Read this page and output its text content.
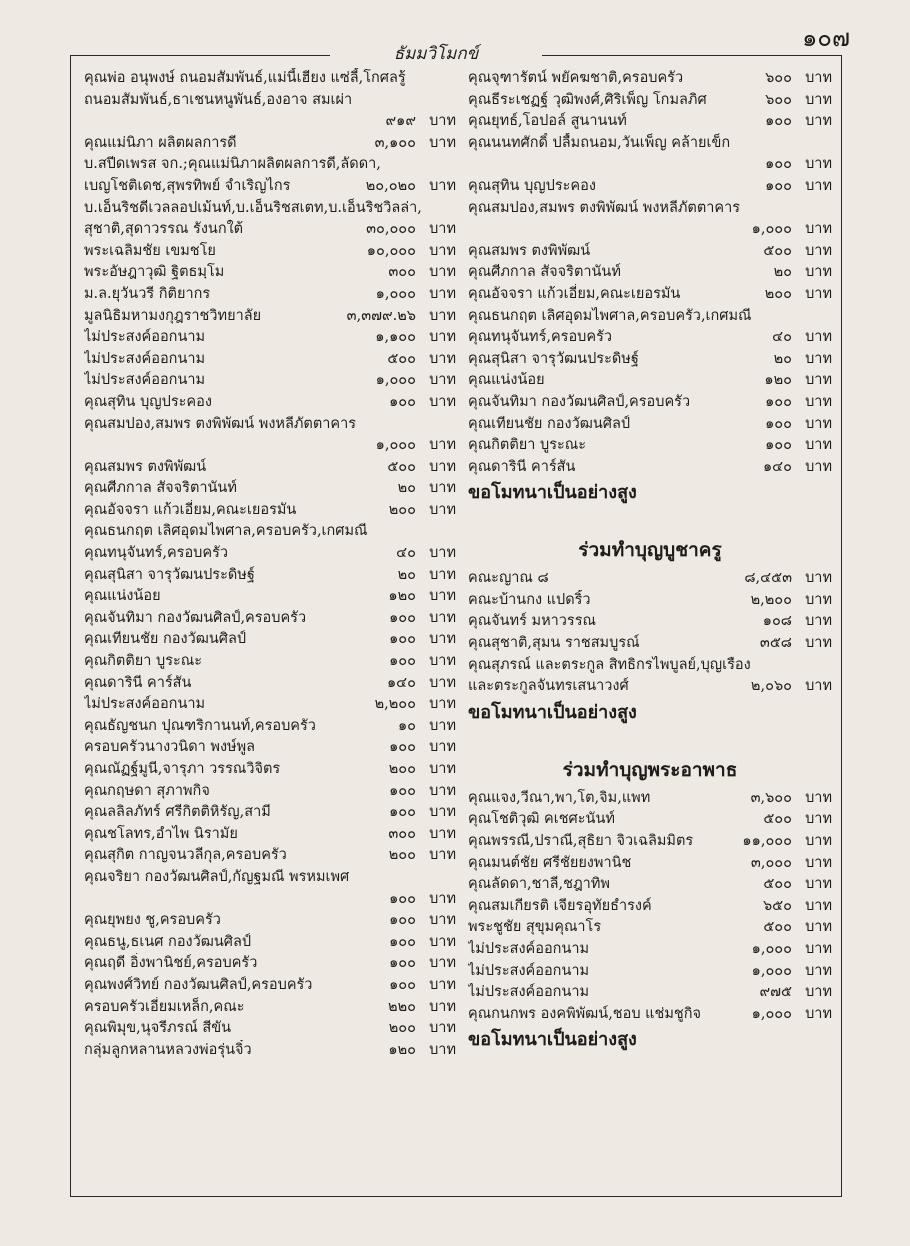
๑๐๗
ธัมมวิโมกข์
คุณพ่อ อนุพงษ์ ถนอมสัมพันธ์,แม่นี้เฮียง แซ่ลี้,โกศลรู้
ถนอมสัมพันธ์,ธาเชนหนูพันธ์,องอาจ สมเผ่า
๙๑๙ บาท
คุณแม่นิภา ผลิตผลการดี	๓,๑๐๐ บาท
บ.สปีดเพรส จก.;คุณแม่นิภาผลิตผลการดี,ลัดดา,
เบญโชติเดช,สุพรทิพย์ จำเริญไกร	๒๐,๐๒๐ บาท
บ.เอ็นริชดีเวลลอปเม้นท์,บ.เอ็นริชสเตท,บ.เอ็นริชวิลล่า,
สุชาติ,สุดาวรรณ รังนกใต้	๓๐,๐๐๐ บาท
พระเฉลิมชัย เขมชโย	๑๐,๐๐๐ บาท
พระอัษฎาวุฒิ ฐิตธมฺโม	๓๐๐ บาท
ม.ล.ยุวันวรี กิติยากร	๑,๐๐๐ บาท
มูลนิธิมหามงกุฎราชวิทยาลัย	๓,๓๗๙.๒๖ บาท
ไม่ประสงค์ออกนาม	๑,๑๐๐ บาท
ไม่ประสงค์ออกนาม	๕๐๐ บาท
ไม่ประสงค์ออกนาม	๑,๐๐๐ บาท
คุณสุทิน บุญประคอง	๑๐๐ บาท
คุณสมปอง,สมพร ตงพิพัฒน์ พงหลีภัตตาคาร
๑,๐๐๐ บาท
คุณสมพร ตงพิพัฒน์	๕๐๐ บาท
คุณศีภกาล สัจจริตานันท์	๒๐ บาท
คุณอัจจรา แก้วเอี่ยม,คณะเยอรมัน	๒๐๐ บาท
คุณธนกฤต เลิศอุดมไพศาล,ครอบครัว,เกศมณี
คุณทนุจันทร์,ครอบครัว	๔๐ บาท
คุณสุนิสา จารุวัฒนประดิษฐ์	๒๐ บาท
คุณแน่งน้อย	๑๒๐ บาท
คุณจันทิมา กองวัฒนศิลป์,ครอบครัว	๑๐๐ บาท
คุณเทียนชัย กองวัฒนศิลป์	๑๐๐ บาท
คุณกิตติยา บูระณะ	๑๐๐ บาท
คุณดารินี คาร์สัน	๑๔๐ บาท
ไม่ประสงค์ออกนาม	๒,๒๐๐ บาท
คุณธัญชนก ปุณฑริกานนท์,ครอบครัว	๑๐ บาท
ครอบครัวนางวนิดา พงษ์พูล	๑๐๐ บาท
คุณณัฏฐ์มูนี,จารุภา วรรณวิจิตร	๒๐๐ บาท
คุณกฤษดา สุภาพกิจ	๑๐๐ บาท
คุณลลิลภัทร์ ศรีกิตติหิรัญ,สามี	๑๐๐ บาท
คุณชโลทร,อำไพ นิรามัย	๓๐๐ บาท
คุณสุกิต กาญจนวลีกุล,ครอบครัว	๒๐๐ บาท
คุณจริยา กองวัฒนศิลป์,กัญฐมณี พรหมเพศ
๑๐๐ บาท
คุณยุพยง ชู,ครอบครัว	๑๐๐ บาท
คุณธนู,ธเนศ กองวัฒนศิลป์	๑๐๐ บาท
คุณฤดี อิ่งพานิชย์,ครอบครัว	๑๐๐ บาท
คุณพงศ์วิทย์ กองวัฒนศิลป์,ครอบครัว	๑๐๐ บาท
ครอบครัวเอี่ยมเหล็ก,คณะ	๒๒๐ บาท
คุณพิมุข,นุจรีภรณ์ สีขัน	๒๐๐ บาท
กลุ่มลูกหลานหลวงพ่อรุ่นจิ๋ว	๑๒๐ บาท
คุณจุฑารัตน์ พยัคฆชาติ,ครอบครัว	๖๐๐ บาท
คุณธีระเชฏฐ์ วุฒิพงศ์,ศิริเพ็ญ โกมลภิศ	๖๐๐ บาท
คุณยุทธ์,โอปอล์ สูนานนท์	๑๐๐ บาท
คุณนนทศักดิ์ ปลื้มถนอม,วันเพ็ญ คล้ายเข็ก
๑๐๐ บาท
คุณสุทิน บุญประคอง	๑๐๐ บาท
คุณสมปอง,สมพร ตงพิพัฒน์ พงหลีภัตตาคาร
๑,๐๐๐ บาท
คุณสมพร ตงพิพัฒน์	๕๐๐ บาท
คุณศีภกาล สัจจริตานันท์	๒๐ บาท
คุณอัจจรา แก้วเอี่ยม,คณะเยอรมัน	๒๐๐ บาท
คุณธนกฤต เลิศอุดมไพศาล,ครอบครัว,เกศมณี
คุณทนุจันทร์,ครอบครัว	๔๐ บาท
คุณสุนิสา จารุวัฒนประดิษฐ์	๒๐ บาท
คุณแน่งน้อย	๑๒๐ บาท
คุณจันทิมา กองวัฒนศิลป์,ครอบครัว	๑๐๐ บาท
คุณเทียนชัย กองวัฒนศิลป์	๑๐๐ บาท
คุณกิตติยา บูระณะ	๑๐๐ บาท
คุณดารินี คาร์สัน	๑๔๐ บาท
ขอโมทนาเป็นอย่างสูง
ร่วมทำบุญบูชาครู
คณะญาณ ๘	๘,๔๕๓ บาท
คณะบ้านกง แปดริ้ว	๒,๒๐๐ บาท
คุณจันทร์ มหาวรรณ	๑๐๘ บาท
คุณสุชาติ,สุมน ราชสมบูรณ์	๓๕๘ บาท
คุณสุภรณ์ และตระกูล สิทธิกรไพบูลย์,บุญเรือง
และตระกูลจันทรเสนาวงศ์	๒,๐๖๐ บาท
ขอโมทนาเป็นอย่างสูง
ร่วมทำบุญพระอาพาธ
คุณแจง,วีณา,พา,โต,จิม,แพท	๓,๖๐๐ บาท
คุณโชติวุฒิ คเชศะนันท์	๕๐๐ บาท
คุณพรรณี,ปราณี,สุธิยา จิวเฉลิมมิตร	๑๑,๐๐๐ บาท
คุณมนต์ชัย ศรีชัยยงพานิช	๓,๐๐๐ บาท
คุณลัดดา,ชาลี,ชฎาทิพ	๕๐๐ บาท
คุณสมเกียรติ เจียรอุทัยธำรงค์	๖๕๐ บาท
พระชูชัย สุขุมคุณาโร	๕๐๐ บาท
ไม่ประสงค์ออกนาม	๑,๐๐๐ บาท
ไม่ประสงค์ออกนาม	๑,๐๐๐ บาท
ไม่ประสงค์ออกนาม	๙๗๕ บาท
คุณกนกพร องคพิพัฒน์,ชอบ แช่มชูกิจ	๑,๐๐๐ บาท
ขอโมทนาเป็นอย่างสูง
